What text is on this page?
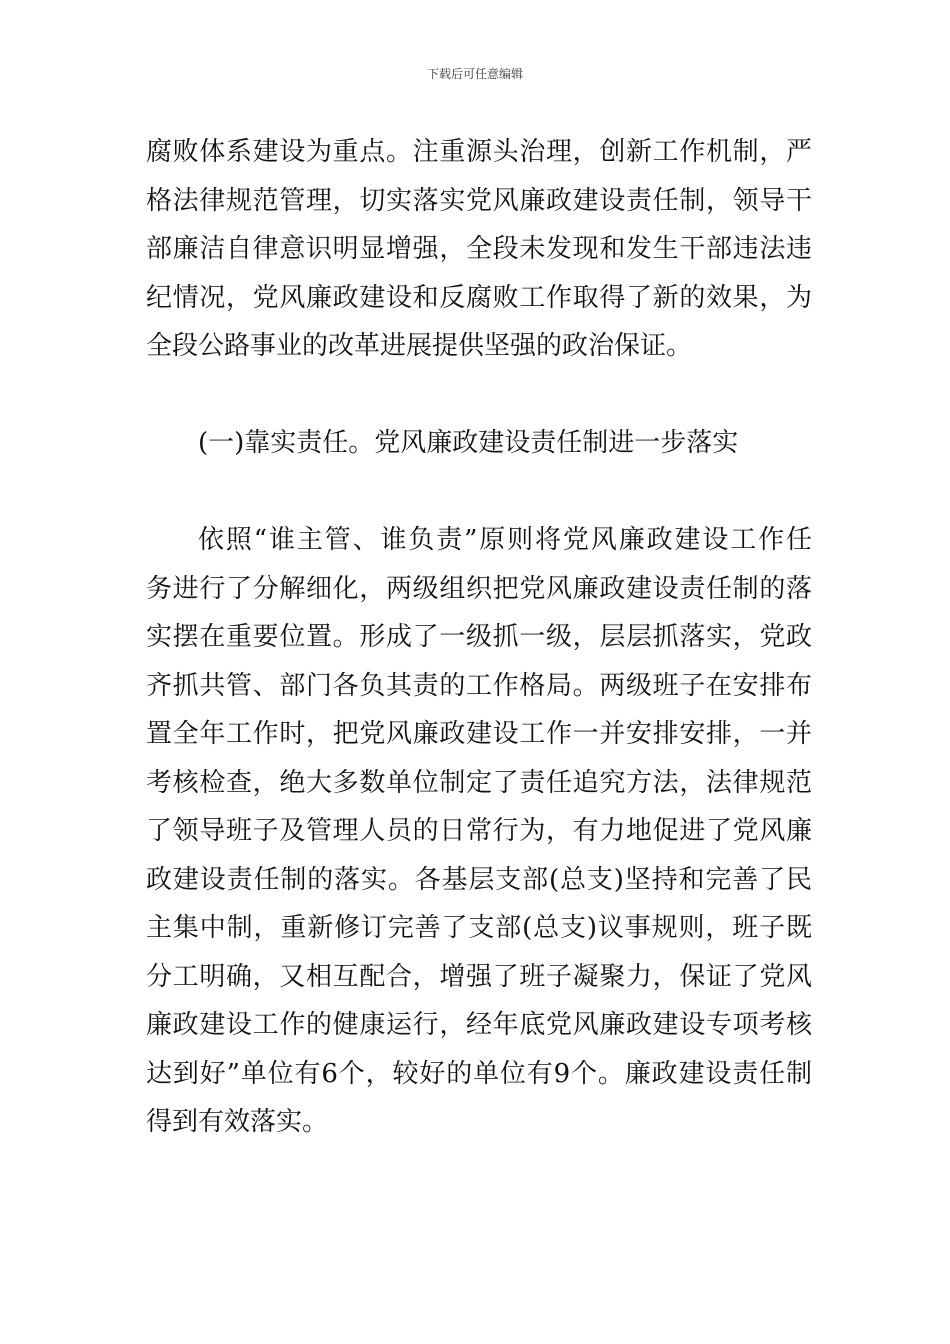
下载后可任意编辑
腐败体系建设为重点。注重源头治理，创新工作机制，严
格法律规范管理，切实落实党风廉政建设责任制，领导干
部廉洁自律意识明显增强，全段未发现和发生干部违法违
纪情况，党风廉政建设和反腐败工作取得了新的效果，为
全段公路事业的改革进展提供坚强的政治保证。
(一)靠实责任。党风廉政建设责任制进一步落实
依照“谁主管、谁负责”原则将党风廉政建设工作任
务进行了分解细化，两级组织把党风廉政建设责任制的落
实摆在重要位置。形成了一级抓一级，层层抓落实，党政
齐抓共管、部门各负其责的工作格局。两级班子在安排布
置全年工作时，把党风廉政建设工作一并安排安排，一并
考核检查，绝大多数单位制定了责任追究方法，法律规范
了领导班子及管理人员的日常行为，有力地促进了党风廉
政建设责任制的落实。各基层支部(总支)坚持和完善了民
主集中制，重新修订完善了支部(总支)议事规则，班子既
分工明确，又相互配合，增强了班子凝聚力，保证了党风
廉政建设工作的健康运行，经年底党风廉政建设专项考核
达到好”单位有6个，较好的单位有9个。廉政建设责任制
得到有效落实。
